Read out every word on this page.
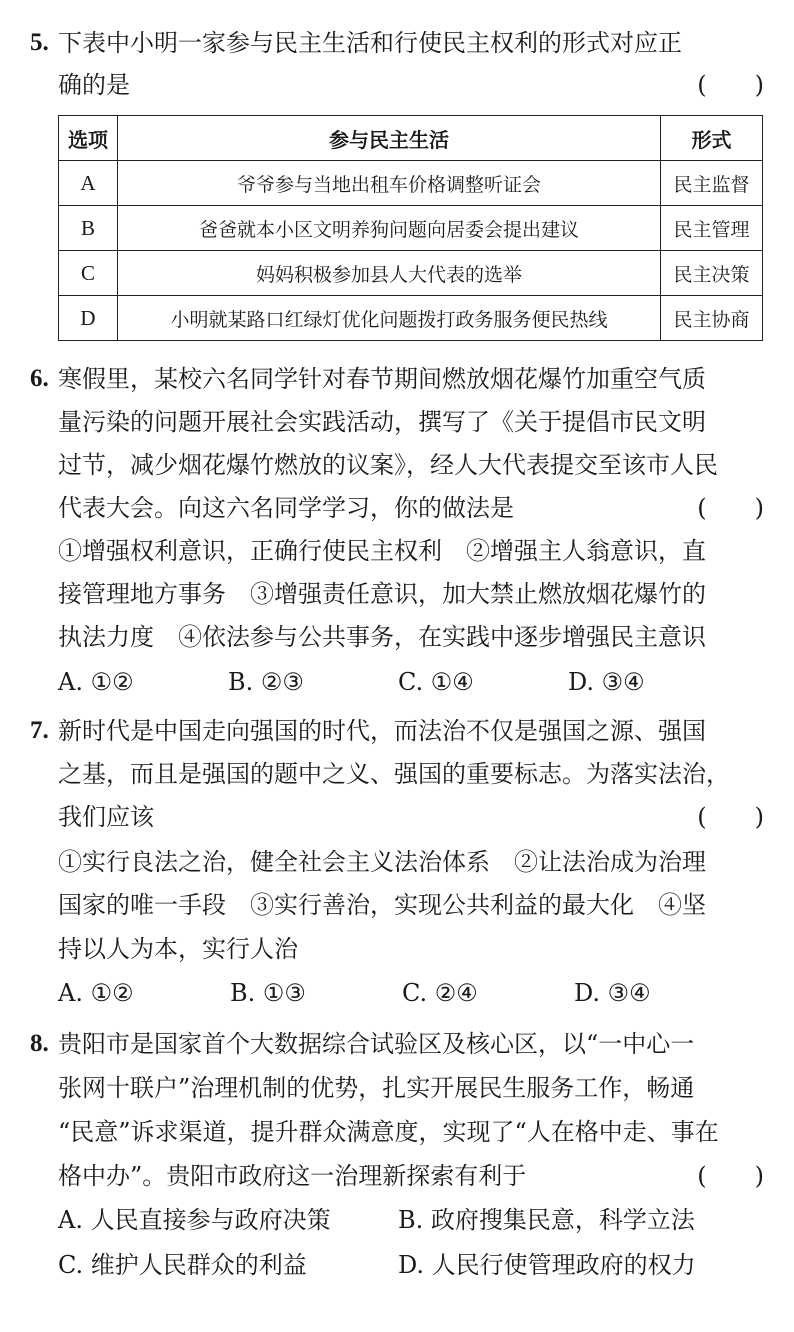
5. 下表中小明一家参与民主生活和行使民主权利的形式对应正
确的是	(　　)
选项	参与民主生活	形式
A	爷爷参与当地出租车价格调整听证会	民主监督
B	爸爸就本小区文明养狗问题向居委会提出建议	民主管理
C	妈妈积极参加县人大代表的选举	民主决策
D	小明就某路口红绿灯优化问题拨打政务服务便民热线	民主协商
6. 寒假里，某校六名同学针对春节期间燃放烟花爆竹加重空气质
量污染的问题开展社会实践活动，撰写了《关于提倡市民文明
过节，减少烟花爆竹燃放的议案》，经人大代表提交至该市人民
代表大会。向这六名同学学习，你的做法是	(　　)
①增强权利意识，正确行使民主权利　②增强主人翁意识，直
接管理地方事务　③增强责任意识，加大禁止燃放烟花爆竹的
执法力度　④依法参与公共事务，在实践中逐步增强民主意识
A. ①②	B. ②③	C. ①④	D. ③④
7. 新时代是中国走向强国的时代，而法治不仅是强国之源、强国
之基，而且是强国的题中之义、强国的重要标志。为落实法治，
我们应该	(　　)
①实行良法之治，健全社会主义法治体系　②让法治成为治理
国家的唯一手段　③实行善治，实现公共利益的最大化　④坚
持以人为本，实行人治
A. ①②	B. ①③	C. ②④	D. ③④
8. 贵阳市是国家首个大数据综合试验区及核心区，以“一中心一
张网十联户”治理机制的优势，扎实开展民生服务工作，畅通
“民意”诉求渠道，提升群众满意度，实现了“人在格中走、事在
格中办”。贵阳市政府这一治理新探索有利于	(　　)
A. 人民直接参与政府决策	B. 政府搜集民意，科学立法
C. 维护人民群众的利益	D. 人民行使管理政府的权力
